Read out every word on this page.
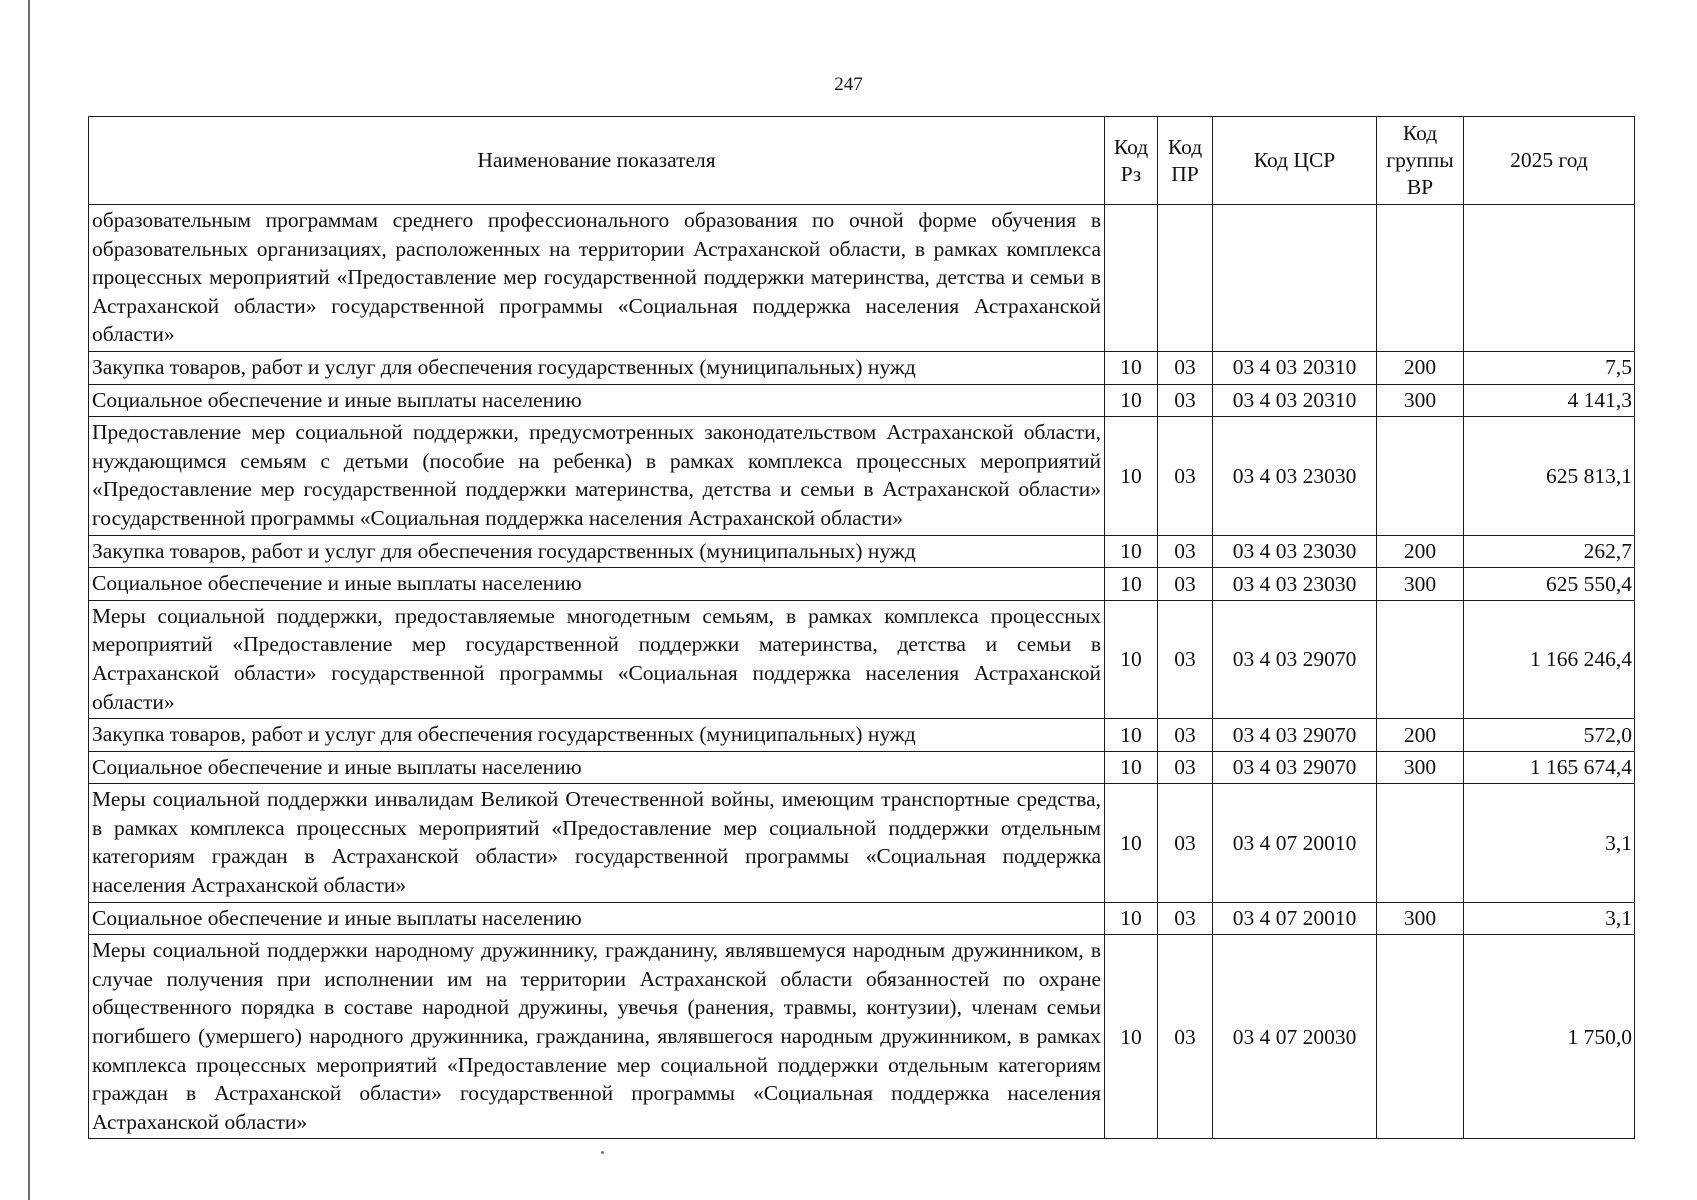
247
Наименование показателя	Код Рз	Код ПР	Код ЦСР	Код группы ВР	2025 год
образовательным программам среднего профессионального образования по очной форме обучения в образовательных организациях, расположенных на территории Астраханской области, в рамках комплекса процессных мероприятий «Предоставление мер государственной поддержки материнства, детства и семьи в Астраханской области» государственной программы «Социальная поддержка населения Астраханской области»					
Закупка товаров, работ и услуг для обеспечения государственных (муниципальных) нужд	10	03	03 4 03 20310	200	7,5
Социальное обеспечение и иные выплаты населению	10	03	03 4 03 20310	300	4 141,3
Предоставление мер социальной поддержки, предусмотренных законодательством Астраханской области, нуждающимся семьям с детьми (пособие на ребенка) в рамках комплекса процессных мероприятий «Предоставление мер государственной поддержки материнства, детства и семьи в Астраханской области» государственной программы «Социальная поддержка населения Астраханской области»	10	03	03 4 03 23030		625 813,1
Закупка товаров, работ и услуг для обеспечения государственных (муниципальных) нужд	10	03	03 4 03 23030	200	262,7
Социальное обеспечение и иные выплаты населению	10	03	03 4 03 23030	300	625 550,4
Меры социальной поддержки, предоставляемые многодетным семьям, в рамках комплекса процессных мероприятий «Предоставление мер государственной поддержки материнства, детства и семьи в Астраханской области» государственной программы «Социальная поддержка населения Астраханской области»	10	03	03 4 03 29070		1 166 246,4
Закупка товаров, работ и услуг для обеспечения государственных (муниципальных) нужд	10	03	03 4 03 29070	200	572,0
Социальное обеспечение и иные выплаты населению	10	03	03 4 03 29070	300	1 165 674,4
Меры социальной поддержки инвалидам Великой Отечественной войны, имеющим транспортные средства, в рамках комплекса процессных мероприятий «Предоставление мер социальной поддержки отдельным категориям граждан в Астраханской области» государственной программы «Социальная поддержка населения Астраханской области»	10	03	03 4 07 20010		3,1
Социальное обеспечение и иные выплаты населению	10	03	03 4 07 20010	300	3,1
Меры социальной поддержки народному дружиннику, гражданину, являвшемуся народным дружинником, в случае получения при исполнении им на территории Астраханской области обязанностей по охране общественного порядка в составе народной дружины, увечья (ранения, травмы, контузии), членам семьи погибшего (умершего) народного дружинника, гражданина, являвшегося народным дружинником, в рамках комплекса процессных мероприятий «Предоставление мер социальной поддержки отдельным категориям граждан в Астраханской области» государственной программы «Социальная поддержка населения Астраханской области»	10	03	03 4 07 20030		1 750,0
